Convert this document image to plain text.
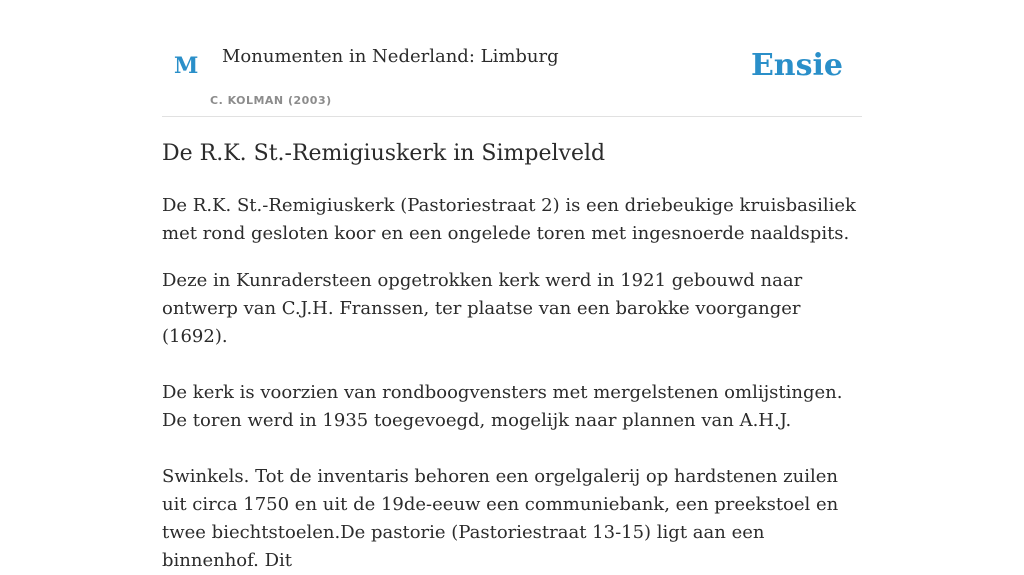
M Monumenten in Nederland: Limburg
C. KOLMAN (2003)
Ensie
De R.K. St.-Remigiuskerk in Simpelveld

De R.K. St.-Remigiuskerk (Pastoriestraat 2) is een driebeukige kruisbasiliek met rond gesloten koor en een ongelede toren met ingesnoerde naaldspits.

Deze in Kunradersteen opgetrokken kerk werd in 1921 gebouwd naar ontwerp van C.J.H. Franssen, ter plaatse van een barokke voorganger (1692).

De kerk is voorzien van rondboogvensters met mergelstenen omlijstingen. De toren werd in 1935 toegevoegd, mogelijk naar plannen van A.H.J.

Swinkels. Tot de inventaris behoren een orgelgalerij op hardstenen zuilen uit circa 1750 en uit de 19de-eeuw een communiebank, een preekstoel en twee biechtstoelen.De pastorie (Pastoriestraat 13-15) ligt aan een binnenhof. Dit
